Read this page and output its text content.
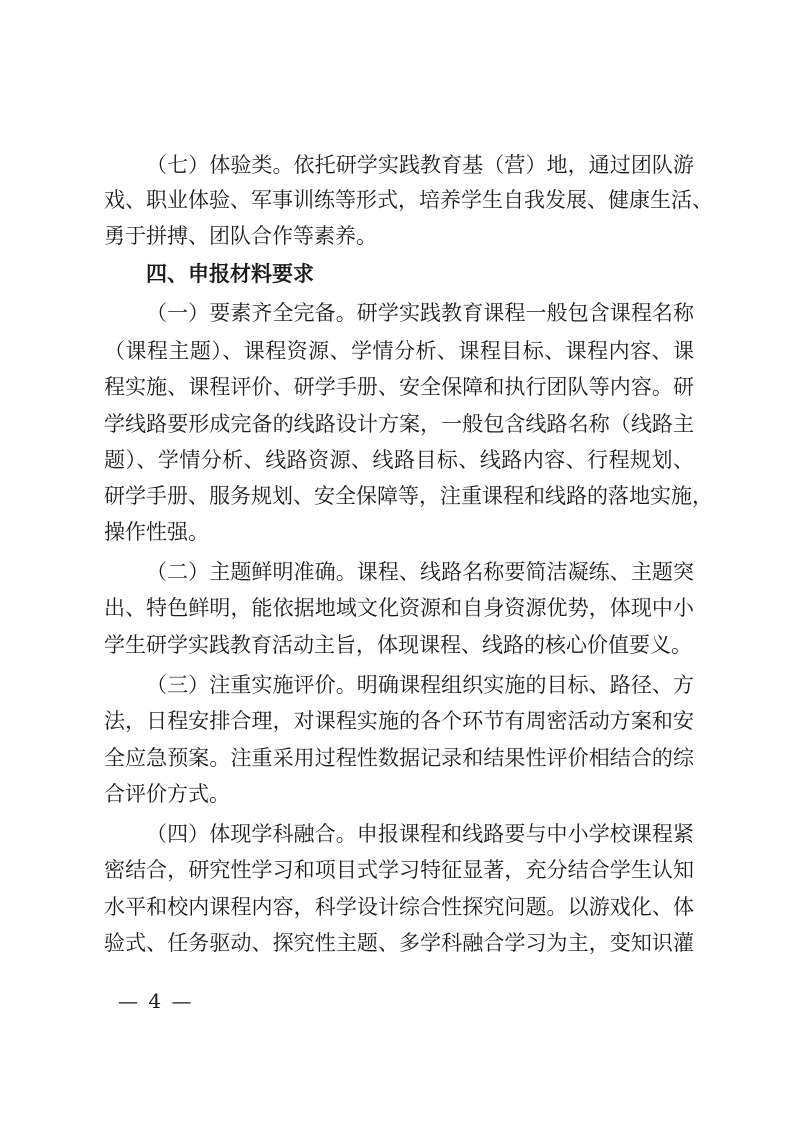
（七）体验类。依托研学实践教育基（营）地，通过团队游
戏、职业体验、军事训练等形式，培养学生自我发展、健康生活、
勇于拼搏、团队合作等素养。
四、申报材料要求
（一）要素齐全完备。研学实践教育课程一般包含课程名称
（课程主题）、课程资源、学情分析、课程目标、课程内容、课
程实施、课程评价、研学手册、安全保障和执行团队等内容。研
学线路要形成完备的线路设计方案，一般包含线路名称（线路主
题）、学情分析、线路资源、线路目标、线路内容、行程规划、
研学手册、服务规划、安全保障等，注重课程和线路的落地实施，
操作性强。
（二）主题鲜明准确。课程、线路名称要简洁凝练、主题突
出、特色鲜明，能依据地域文化资源和自身资源优势，体现中小
学生研学实践教育活动主旨，体现课程、线路的核心价值要义。
（三）注重实施评价。明确课程组织实施的目标、路径、方
法，日程安排合理，对课程实施的各个环节有周密活动方案和安
全应急预案。注重采用过程性数据记录和结果性评价相结合的综
合评价方式。
（四）体现学科融合。申报课程和线路要与中小学校课程紧
密结合，研究性学习和项目式学习特征显著，充分结合学生认知
水平和校内课程内容，科学设计综合性探究问题。以游戏化、体
验式、任务驱动、探究性主题、多学科融合学习为主，变知识灌
— 4 —
